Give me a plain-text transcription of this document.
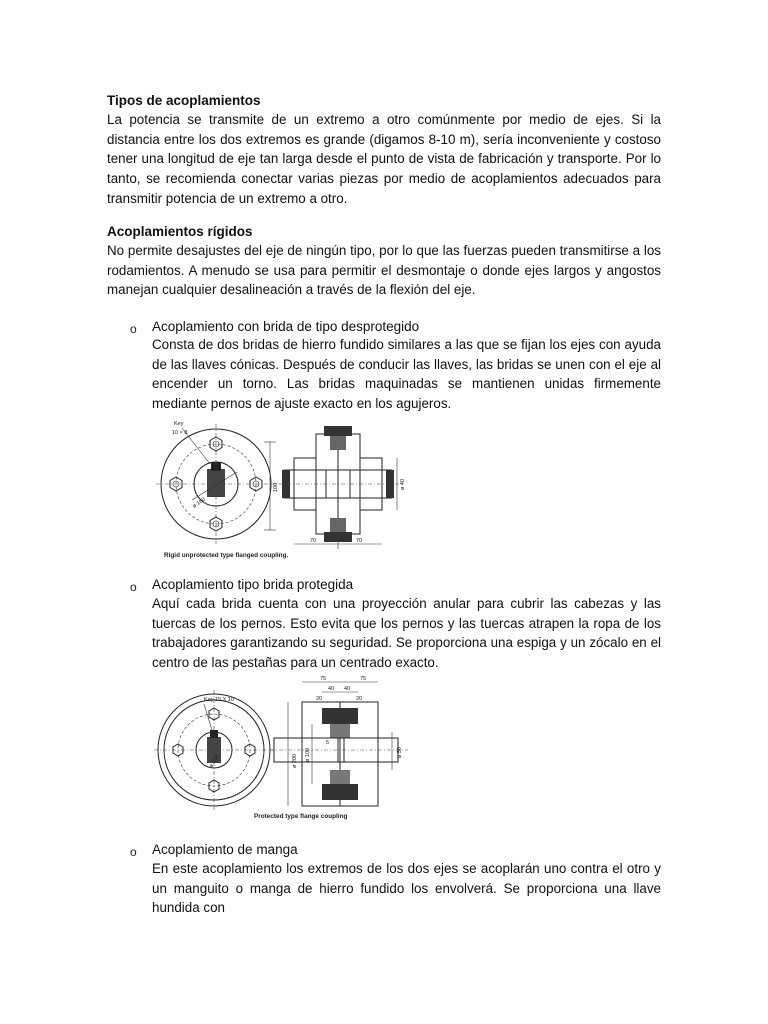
Tipos de acoplamientos

La potencia se transmite de un extremo a otro comúnmente por medio de ejes. Si la distancia entre los dos extremos es grande (digamos 8-10 m), sería inconveniente y costoso tener una longitud de eje tan larga desde el punto de vista de fabricación y transporte. Por lo tanto, se recomienda conectar varias piezas por medio de acoplamientos adecuados para transmitir potencia de un extremo a otro.

Acoplamientos rígidos

No permite desajustes del eje de ningún tipo, por lo que las fuerzas pueden transmitirse a los rodamientos. A menudo se usa para permitir el desmontaje o donde ejes largos y angostos manejan cualquier desalineación a través de la flexión del eje.

o Acoplamiento con brida de tipo desprotegido

Consta de dos bridas de hierro fundido similares a las que se fijan los ejes con ayuda de las llaves cónicas. Después de conducir las llaves, las bridas se unen con el eje al encender un torno. Las bridas maquinadas se mantienen unidas firmemente mediante pernos de ajuste exacto en los agujeros.

Key
10 × 8
ø 160
100	ø 40
70	70
Rigid unprotected type flanged coupling.
o Acoplamiento tipo brida protegida

Aquí cada brida cuenta con una proyección anular para cubrir las cabezas y las tuercas de los pernos. Esto evita que los pernos y las tuercas atrapen la ropa de los trabajadores garantizando su seguridad. Se proporciona una espiga y un zócalo en el centro de las pestañas para un centrado exacto.

Key 15 X 10
ø 150
75	75
40 40
20	20
ø 200 ø 100	ø 50
5
Protected type flange coupling
o Acoplamiento de manga

En este acoplamiento los extremos de los dos ejes se acoplarán uno contra el otro y un manguito o manga de hierro fundido los envolverá. Se proporciona una llave hundida con
